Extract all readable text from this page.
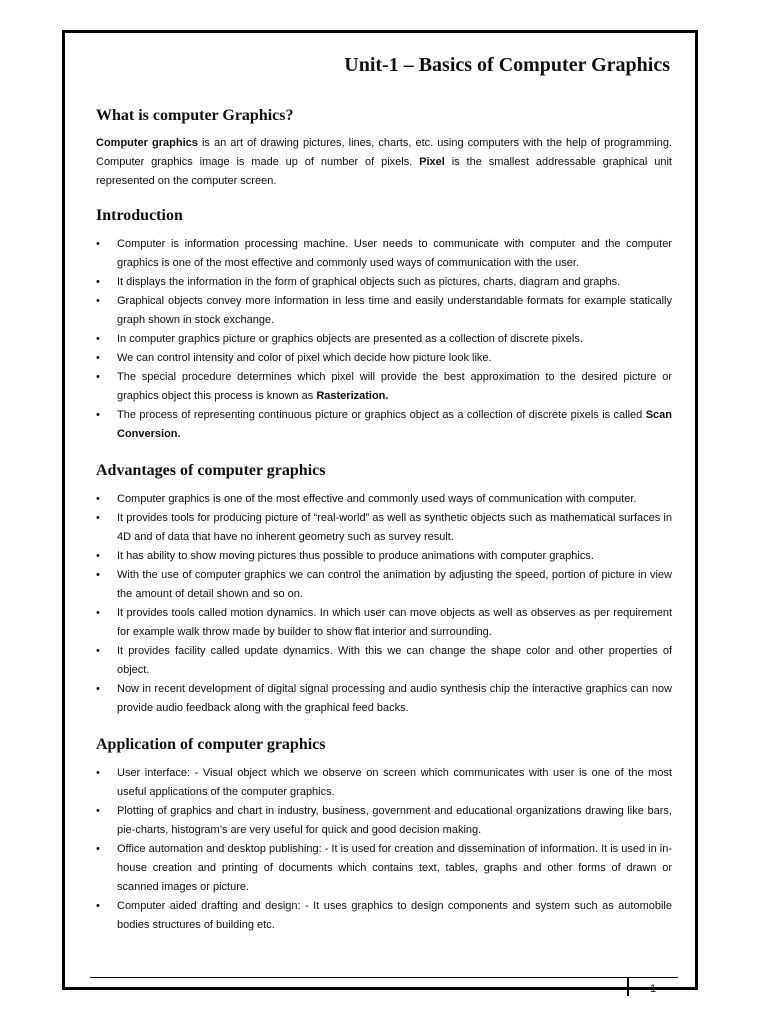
Unit-1 – Basics of Computer Graphics
What is computer Graphics?

Computer graphics is an art of drawing pictures, lines, charts, etc. using computers with the help of programming. Computer graphics image is made up of number of pixels. Pixel is the smallest addressable graphical unit represented on the computer screen.

Introduction
• Computer is information processing machine. User needs to communicate with computer and the computer graphics is one of the most effective and commonly used ways of communication with the user.
• It displays the information in the form of graphical objects such as pictures, charts, diagram and graphs.
• Graphical objects convey more information in less time and easily understandable formats for example statically graph shown in stock exchange.
• In computer graphics picture or graphics objects are presented as a collection of discrete pixels.
• We can control intensity and color of pixel which decide how picture look like.
• The special procedure determines which pixel will provide the best approximation to the desired picture or graphics object this process is known as Rasterization.
• The process of representing continuous picture or graphics object as a collection of discrete pixels is called Scan Conversion.
Advantages of computer graphics
• Computer graphics is one of the most effective and commonly used ways of communication with computer.
• It provides tools for producing picture of “real-world” as well as synthetic objects such as mathematical surfaces in 4D and of data that have no inherent geometry such as survey result.
• It has ability to show moving pictures thus possible to produce animations with computer graphics.
• With the use of computer graphics we can control the animation by adjusting the speed, portion of picture in view the amount of detail shown and so on.
• It provides tools called motion dynamics. In which user can move objects as well as observes as per requirement for example walk throw made by builder to show flat interior and surrounding.
• It provides facility called update dynamics. With this we can change the shape color and other properties of object.
• Now in recent development of digital signal processing and audio synthesis chip the interactive graphics can now provide audio feedback along with the graphical feed backs.
Application of computer graphics
• User interface: - Visual object which we observe on screen which communicates with user is one of the most useful applications of the computer graphics.
• Plotting of graphics and chart in industry, business, government and educational organizations drawing like bars, pie-charts, histogram’s are very useful for quick and good decision making.
• Office automation and desktop publishing: - It is used for creation and dissemination of information. It is used in in-house creation and printing of documents which contains text, tables, graphs and other forms of drawn or scanned images or picture.
• Computer aided drafting and design: - It uses graphics to design components and system such as automobile bodies structures of building etc.
1
